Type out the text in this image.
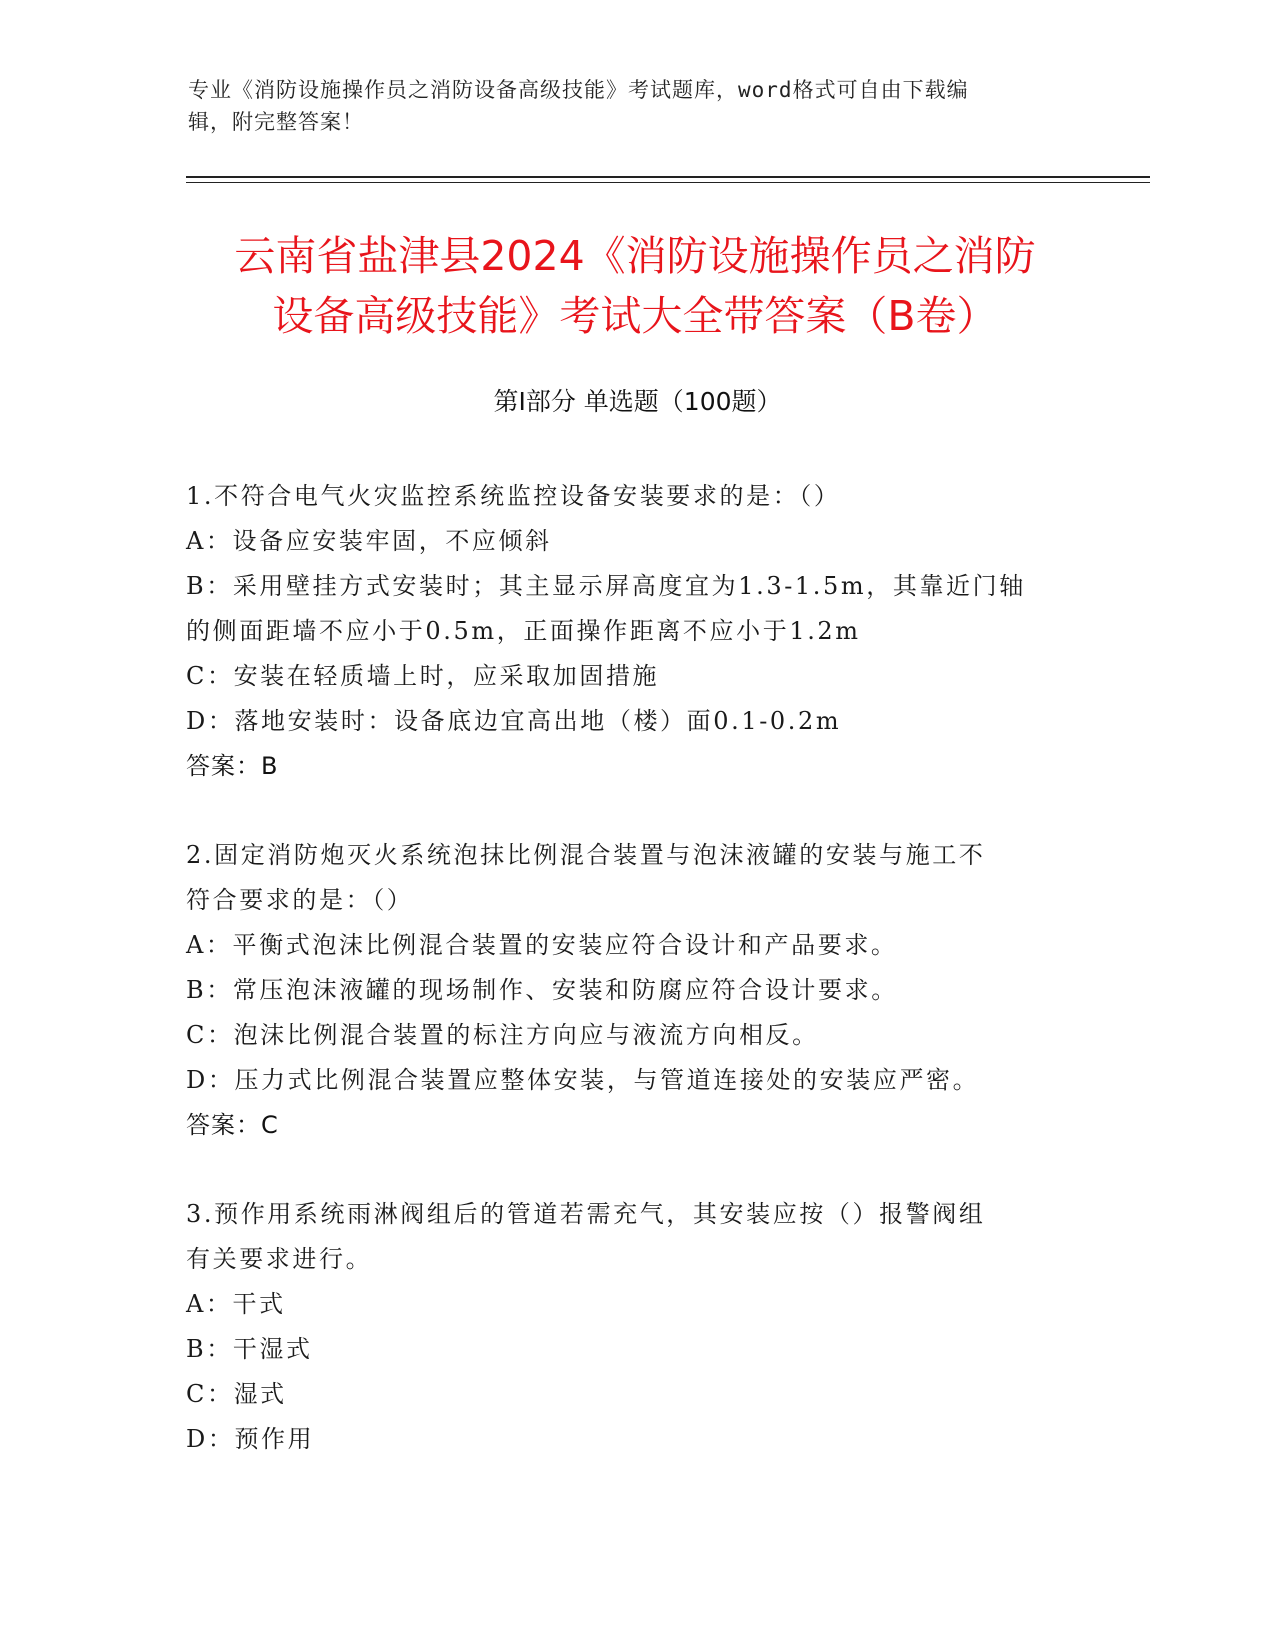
专业《消防设施操作员之消防设备高级技能》考试题库，word格式可自由下载编
辑，附完整答案！
云南省盐津县2024《消防设施操作员之消防
设备高级技能》考试大全带答案（B卷）
第Ⅰ部分 单选题（100题）
1.不符合电气火灾监控系统监控设备安装要求的是：（）
A：设备应安装牢固，不应倾斜
B：采用壁挂方式安装时；其主显示屏高度宜为1.3-1.5m，其靠近门轴
的侧面距墙不应小于0.5m，正面操作距离不应小于1.2m
C：安装在轻质墙上时，应采取加固措施
D：落地安装时：设备底边宜高出地（楼）面0.1-0.2m
答案：B
2.固定消防炮灭火系统泡抹比例混合装置与泡沫液罐的安装与施工不
符合要求的是：（）
A：平衡式泡沫比例混合装置的安装应符合设计和产品要求。
B：常压泡沫液罐的现场制作、安装和防腐应符合设计要求。
C：泡沫比例混合装置的标注方向应与液流方向相反。
D：压力式比例混合装置应整体安装，与管道连接处的安装应严密。
答案：C
3.预作用系统雨淋阀组后的管道若需充气，其安装应按（）报警阀组
有关要求进行。
A：干式
B：干湿式
C：湿式
D：预作用
